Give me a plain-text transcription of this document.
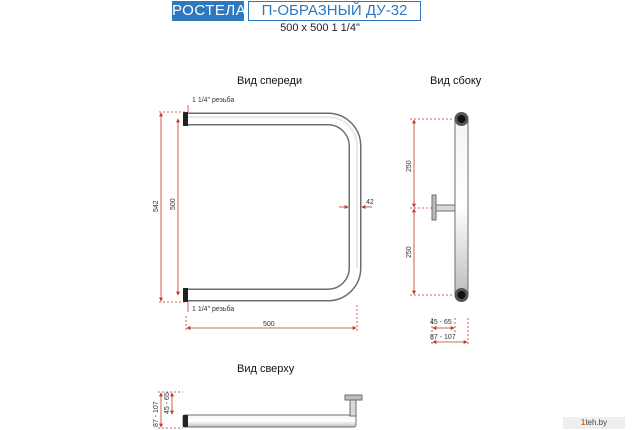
РОСТЕЛА	П-ОБРАЗНЫЙ ДУ-32
500 x 500 1 1/4"
Вид спереди	Вид сбоку
Вид сверху
1 1/4" резьба
1 1/4" резьба
542 500
500
42
250
250
45 - 65
87 - 107
87 - 107 45 - 65
1teh.by
